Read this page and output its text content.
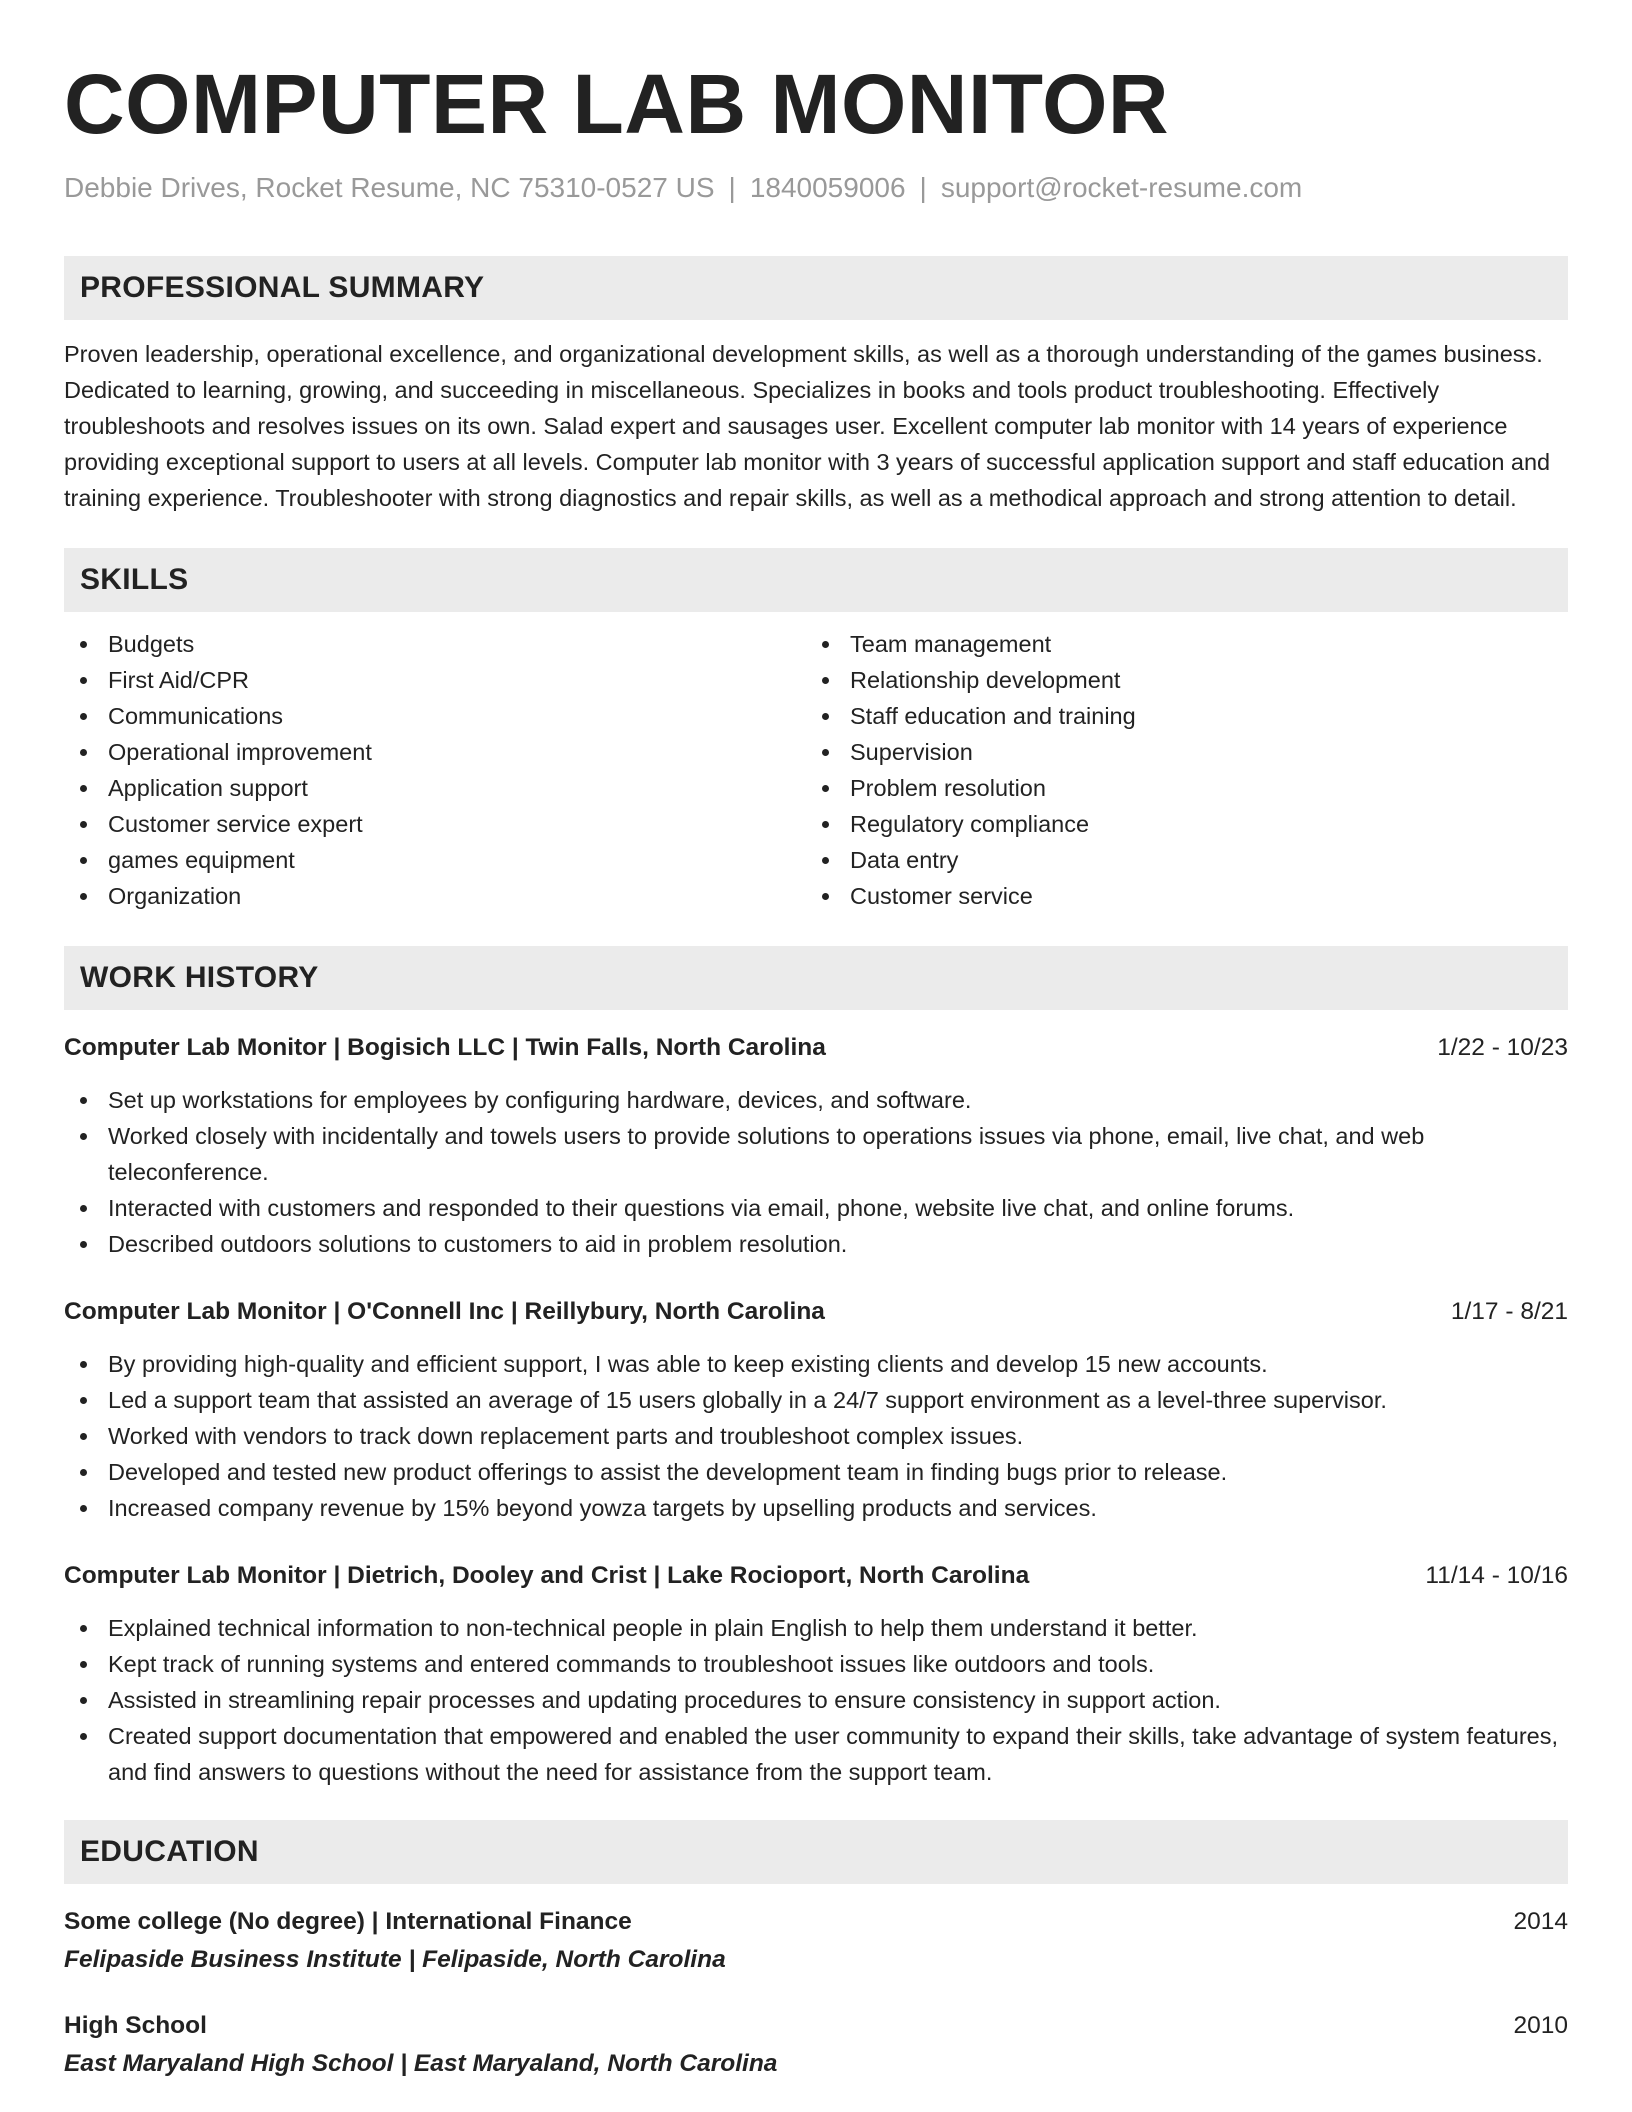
COMPUTER LAB MONITOR
Debbie Drives, Rocket Resume, NC 75310-0527 US | 1840059006 | support@rocket-resume.com
PROFESSIONAL SUMMARY

Proven leadership, operational excellence, and organizational development skills, as well as a thorough understanding of the games business. Dedicated to learning, growing, and succeeding in miscellaneous. Specializes in books and tools product troubleshooting. Effectively troubleshoots and resolves issues on its own. Salad expert and sausages user. Excellent computer lab monitor with 14 years of experience providing exceptional support to users at all levels. Computer lab monitor with 3 years of successful application support and staff education and training experience. Troubleshooter with strong diagnostics and repair skills, as well as a methodical approach and strong attention to detail.

SKILLS
Budgets
First Aid/CPR
Communications
Operational improvement
Application support
Customer service expert
games equipment
Organization
Team management
Relationship development
Staff education and training
Supervision
Problem resolution
Regulatory compliance
Data entry
Customer service
WORK HISTORY
Computer Lab Monitor | Bogisich LLC | Twin Falls, North Carolina	1/22 - 10/23
Set up workstations for employees by configuring hardware, devices, and software.
Worked closely with incidentally and towels users to provide solutions to operations issues via phone, email, live chat, and web teleconference.
Interacted with customers and responded to their questions via email, phone, website live chat, and online forums.
Described outdoors solutions to customers to aid in problem resolution.
Computer Lab Monitor | O'Connell Inc | Reillybury, North Carolina	1/17 - 8/21
By providing high-quality and efficient support, I was able to keep existing clients and develop 15 new accounts.
Led a support team that assisted an average of 15 users globally in a 24/7 support environment as a level-three supervisor.
Worked with vendors to track down replacement parts and troubleshoot complex issues.
Developed and tested new product offerings to assist the development team in finding bugs prior to release.
Increased company revenue by 15% beyond yowza targets by upselling products and services.
Computer Lab Monitor | Dietrich, Dooley and Crist | Lake Rocioport, North Carolina	11/14 - 10/16
Explained technical information to non-technical people in plain English to help them understand it better.
Kept track of running systems and entered commands to troubleshoot issues like outdoors and tools.
Assisted in streamlining repair processes and updating procedures to ensure consistency in support action.
Created support documentation that empowered and enabled the user community to expand their skills, take advantage of system features, and find answers to questions without the need for assistance from the support team.
EDUCATION
Some college (No degree) | International Finance	2014
Felipaside Business Institute | Felipaside, North Carolina
High School	2010
East Maryaland High School | East Maryaland, North Carolina
